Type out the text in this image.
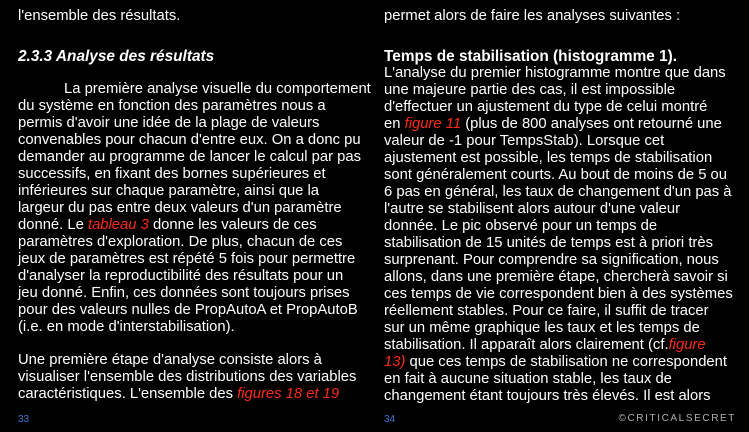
l'ensemble des résultats.
2.3.3 Analyse des résultats
La première analyse visuelle du comportement
du système en fonction des paramètres nous a
permis d'avoir une idée de la plage de valeurs
convenables pour chacun d'entre eux. On a donc pu
demander au programme de lancer le calcul par pas
successifs, en fixant des bornes supérieures et
inférieures sur chaque paramètre, ainsi que la
largeur du pas entre deux valeurs d'un paramètre
donné. Le tableau 3 donne les valeurs de ces
paramètres d'exploration. De plus, chacun de ces
jeux de paramètres est répété 5 fois pour permettre
d'analyser la reproductibilité des résultats pour un
jeu donné. Enfin, ces données sont toujours prises
pour des valeurs nulles de PropAutoA et PropAutoB
(i.e. en mode d'interstabilisation).
Une première étape d'analyse consiste alors à
visualiser l'ensemble des distributions des variables
caractéristiques. L'ensemble des figures 18 et 19
33
permet alors de faire les analyses suivantes :
Temps de stabilisation (histogramme 1).
L'analyse du premier histogramme montre que dans
une majeure partie des cas, il est impossible
d'effectuer un ajustement du type de celui montré
en figure 11 (plus de 800 analyses ont retourné une
valeur de -1 pour TempsStab). Lorsque cet
ajustement est possible, les temps de stabilisation
sont généralement courts. Au bout de moins de 5 ou
6 pas en général, les taux de changement d'un pas à
l'autre se stabilisent alors autour d'une valeur
donnée. Le pic observé pour un temps de
stabilisation de 15 unités de temps est à priori très
surprenant. Pour comprendre sa signification, nous
allons, dans une première étape, chercherà savoir si
ces temps de vie correspondent bien à des systèmes
réellement stables. Pour ce faire, il suffit de tracer
sur un même graphique les taux et les temps de
stabilisation. Il apparaît alors clairement (cf.figure
13) que ces temps de stabilisation ne correspondent
en fait à aucune situation stable, les taux de
changement étant toujours très élevés. Il est alors
34	©CRITICALSECRET
